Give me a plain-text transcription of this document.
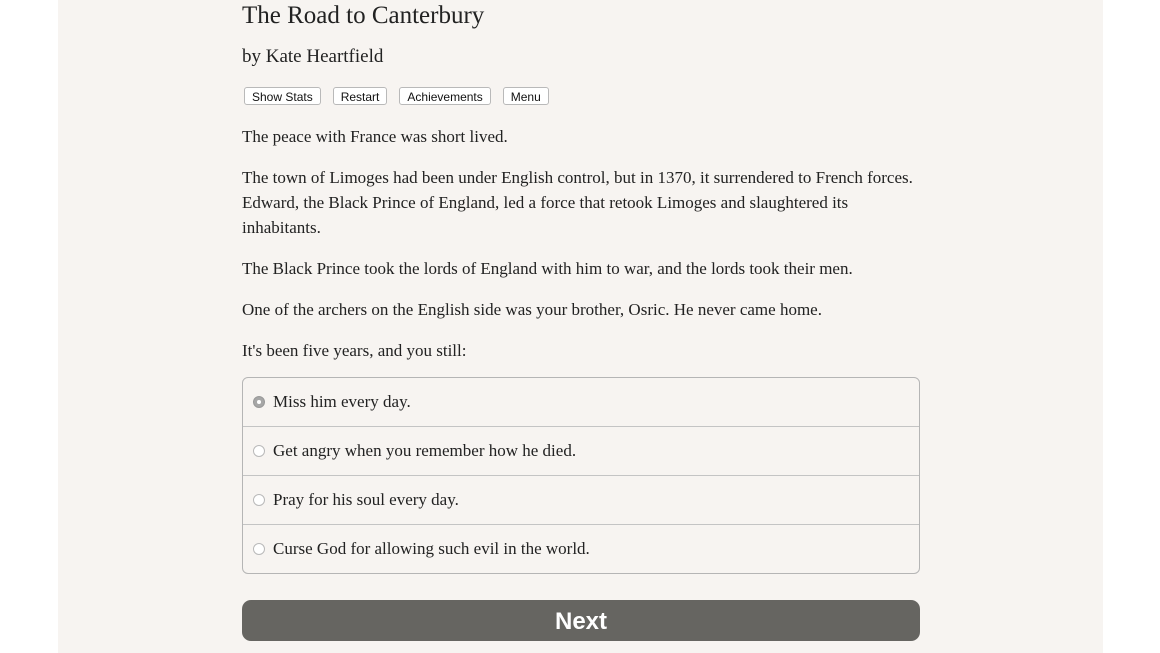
The Road to Canterbury
by Kate Heartfield
Show Stats	Restart	Achievements	Menu

The peace with France was short lived.

The town of Limoges had been under English control, but in 1370, it surrendered to French forces. Edward, the Black Prince of England, led a force that retook Limoges and slaughtered its inhabitants.

The Black Prince took the lords of England with him to war, and the lords took their men.

One of the archers on the English side was your brother, Osric. He never came home.

It's been five years, and you still:

Miss him every day.
Get angry when you remember how he died.
Pray for his soul every day.
Curse God for allowing such evil in the world.
Next
